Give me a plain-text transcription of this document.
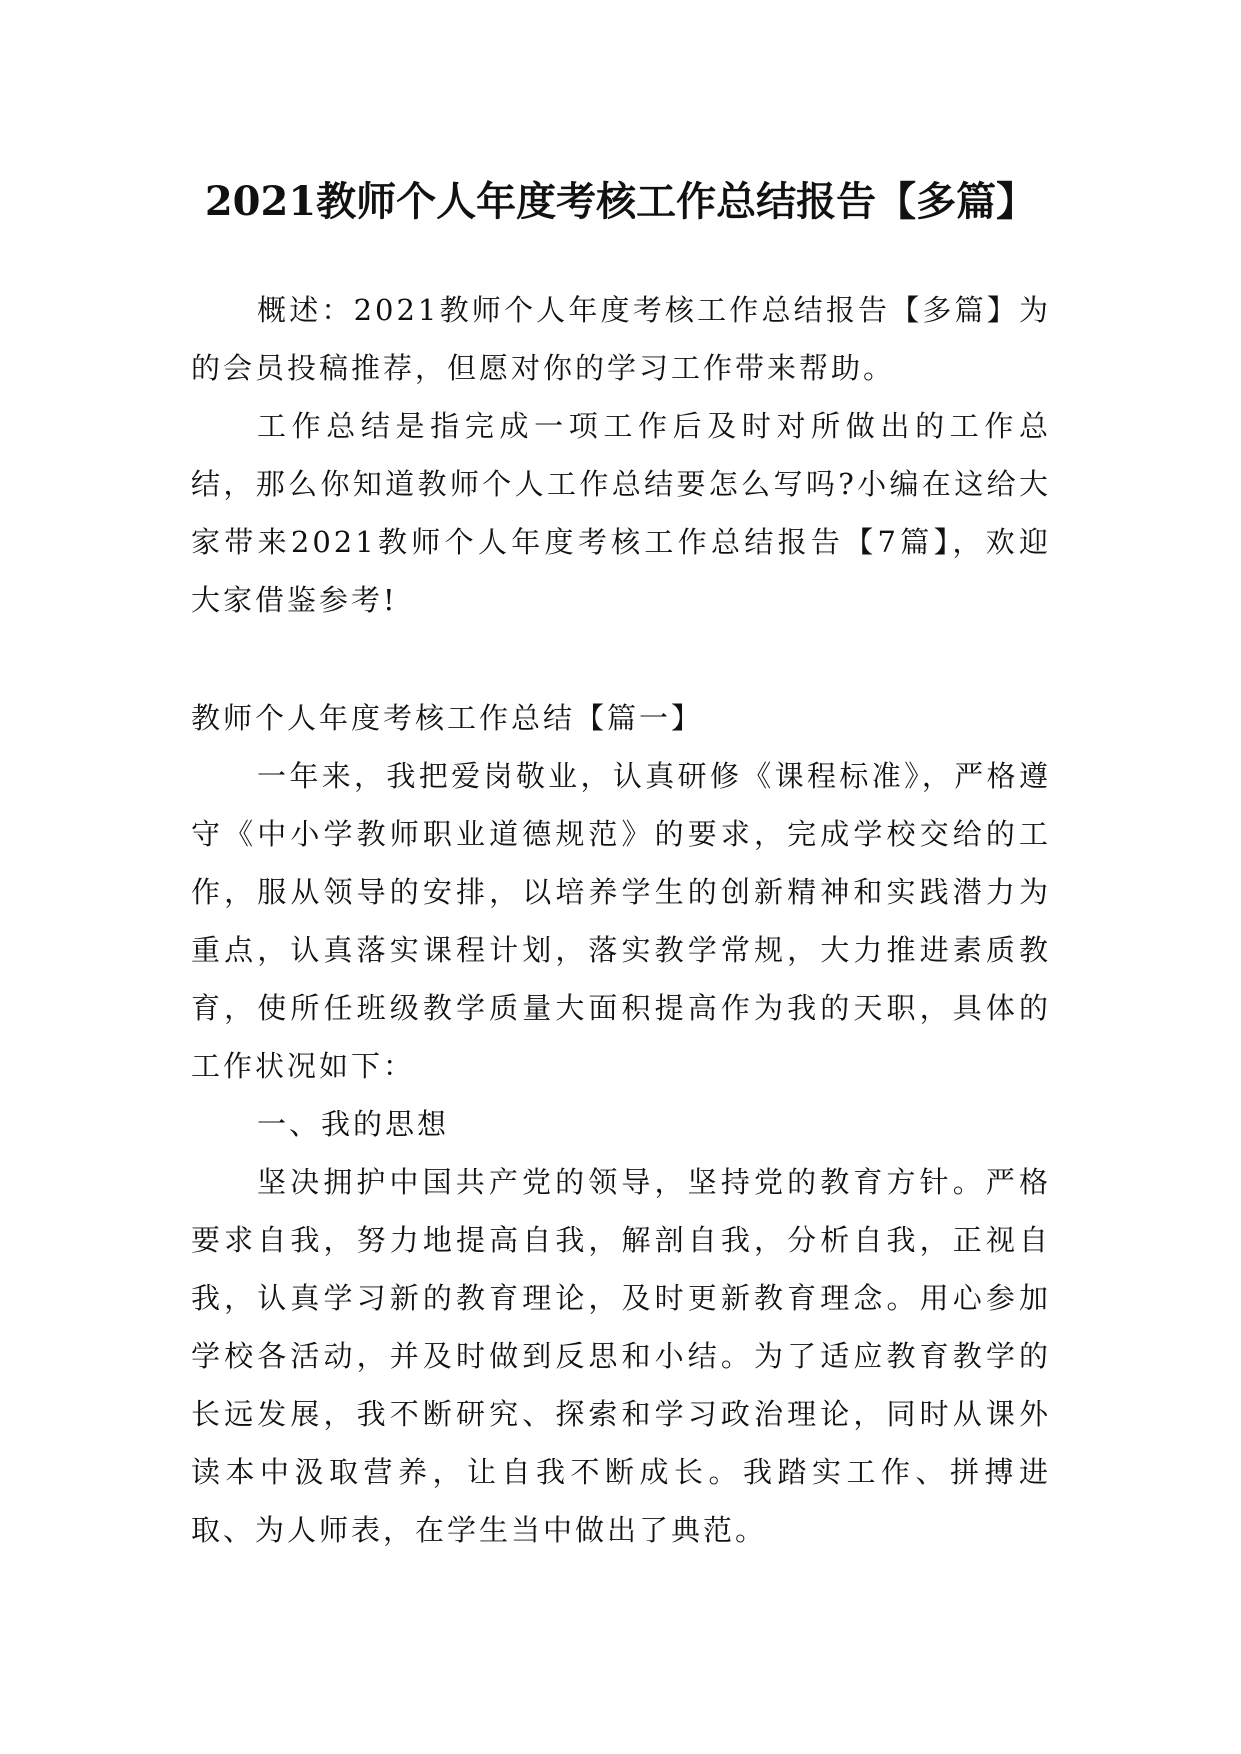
2021教师个人年度考核工作总结报告【多篇】

概述：2021教师个人年度考核工作总结报告【多篇】为的会员投稿推荐，但愿对你的学习工作带来帮助。

工作总结是指完成一项工作后及时对所做出的工作总结，那么你知道教师个人工作总结要怎么写吗?小编在这给大家带来2021教师个人年度考核工作总结报告【7篇】，欢迎大家借鉴参考!

教师个人年度考核工作总结【篇一】

一年来，我把爱岗敬业，认真研修《课程标准》，严格遵守《中小学教师职业道德规范》的要求，完成学校交给的工作，服从领导的安排，以培养学生的创新精神和实践潜力为重点，认真落实课程计划，落实教学常规，大力推进素质教育，使所任班级教学质量大面积提高作为我的天职，具体的工作状况如下：

一、我的思想

坚决拥护中国共产党的领导，坚持党的教育方针。严格要求自我，努力地提高自我，解剖自我，分析自我，正视自我，认真学习新的教育理论，及时更新教育理念。用心参加学校各活动，并及时做到反思和小结。为了适应教育教学的长远发展，我不断研究、探索和学习政治理论，同时从课外读本中汲取营养，让自我不断成长。我踏实工作、拼搏进取、为人师表，在学生当中做出了典范。
